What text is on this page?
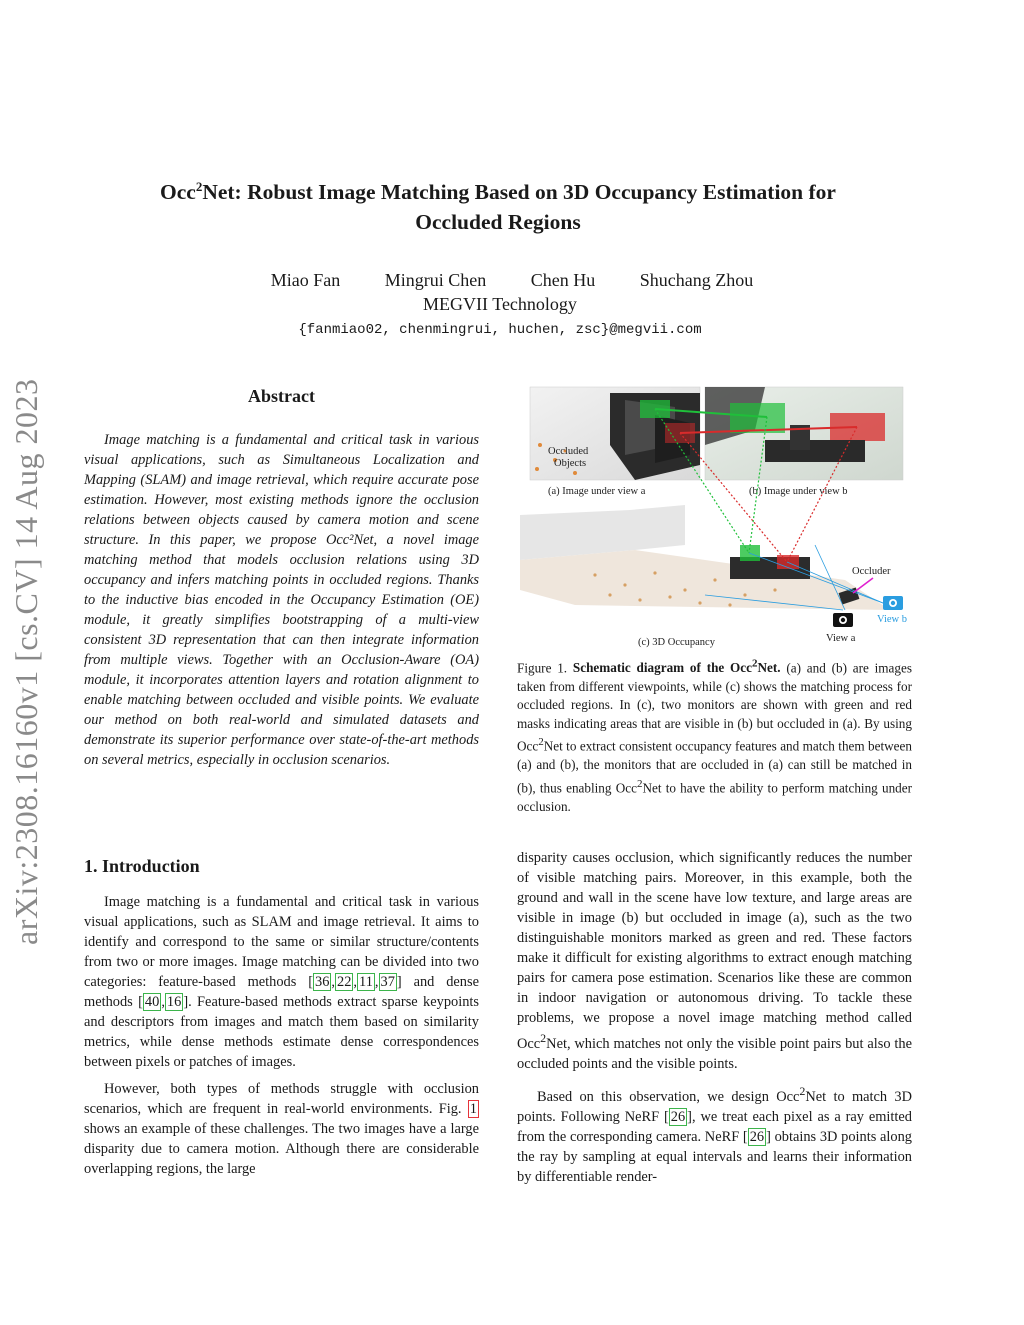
Occ$^2$Net: Robust Image Matching Based on 3D Occupancy Estimation for
Occluded Regions
Miao Fan Mingrui Chen Chen Hu Shuchang Zhou
MEGVII Technology
{fanmiao02, chenmingrui, huchen, zsc}@megvii.com
arXiv:2308.16160v1 [cs.CV] 14 Aug 2023	Abstract
Image matching is a fundamental and critical task in various visual applications, such as Simultaneous Localization and Mapping (SLAM) and image retrieval, which require accurate pose estimation. However, most existing methods ignore the occlusion relations between objects caused by camera motion and scene structure. In this paper, we propose Occ²Net, a novel image matching method that models occlusion relations using 3D occupancy and infers matching points in occluded regions. Thanks to the inductive bias encoded in the Occupancy Estimation (OE) module, it greatly simplifies bootstrapping of a multi-view consistent 3D representation that can then integrate information from multiple views. Together with an Occlusion-Aware (OA) module, it incorporates attention layers and rotation alignment to enable matching between occluded and visible points. We evaluate our method on both real-world and simulated datasets and demonstrate its superior performance over state-of-the-art methods on several metrics, especially in occlusion scenarios.
Occluded
Objects
(a) Image under view a	(b) Image under view b
Occluder
View b
View a
(c) 3D Occupancy
Figure 1. Schematic diagram of the Occ$^2$Net. (a) and (b) are images taken from different viewpoints, while (c) shows the matching process for occluded regions. In (c), two monitors are shown with green and red masks indicating areas that are visible in (b) but occluded in (a). By using Occ$^2$Net to extract consistent occupancy features and match them between (a) and (b), the monitors that are occluded in (a) can still be matched in (b), thus enabling Occ$^2$Net to have the ability to perform matching under occlusion.
1. Introduction

Image matching is a fundamental and critical task in various visual applications, such as SLAM and image retrieval. It aims to identify and correspond to the same or similar structure/contents from two or more images. Image matching can be divided into two categories: feature-based methods [ 36 , 22 , 11 , 37 ] and dense methods [ 40 , 16 ]. Feature-based methods extract sparse keypoints and descriptors from images and match them based on similarity metrics, while dense methods estimate dense correspondences between pixels or patches of images.

However, both types of methods struggle with occlusion scenarios, which are frequent in real-world environments. Fig. 1 shows an example of these challenges. The two images have a large disparity due to camera motion. Although there are considerable overlapping regions, the large

disparity causes occlusion, which significantly reduces the number of visible matching pairs. Moreover, in this example, both the ground and wall in the scene have low texture, and large areas are visible in image (b) but occluded in image (a), such as the two distinguishable monitors marked as green and red. These factors make it difficult for existing algorithms to extract enough matching pairs for camera pose estimation. Scenarios like these are common in indoor navigation or autonomous driving. To tackle these problems, we propose a novel image matching method called Occ$^2$Net, which matches not only the visible point pairs but also the occluded points and the visible points.

Based on this observation, we design Occ$^2$Net to match 3D points. Following NeRF [ 26 ], we treat each pixel as a ray emitted from the corresponding camera. NeRF [ 26 ] obtains 3D points along the ray by sampling at equal intervals and learns their information by differentiable render-
